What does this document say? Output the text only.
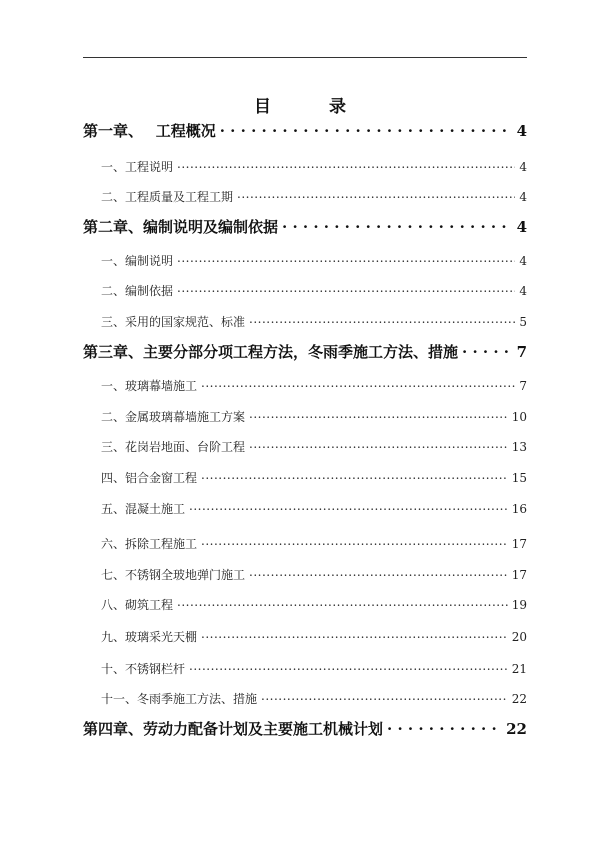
目 录
第一章、　 工程概况 . . .	4
一、工程说明 .....	4
二、工程质量及工程工期 .....	4
第二章、编制说明及编制依据 . . .	4
一、编制说明 .....	4
二、编制依据 .....	4
三、采用的国家规范、标准 .....	5
第三章、主要分部分项工程方法，冬雨季施工方法、措施 . . .	7
一、玻璃幕墙施工 .....	7
二、金属玻璃幕墙施工方案 .....	10
三、花岗岩地面、台阶工程 .....	13
四、铝合金窗工程 .....	15
五、混凝土施工 .....	16
六、拆除工程施工 .....	17
七、不锈钢全玻地弹门施工 .....	17
八、砌筑工程 .....	19
九、玻璃采光天棚 .....	20
十、不锈钢栏杆 .....	21
十一、冬雨季施工方法、措施 .....	22
第四章、劳动力配备计划及主要施工机械计划 . . .	22
